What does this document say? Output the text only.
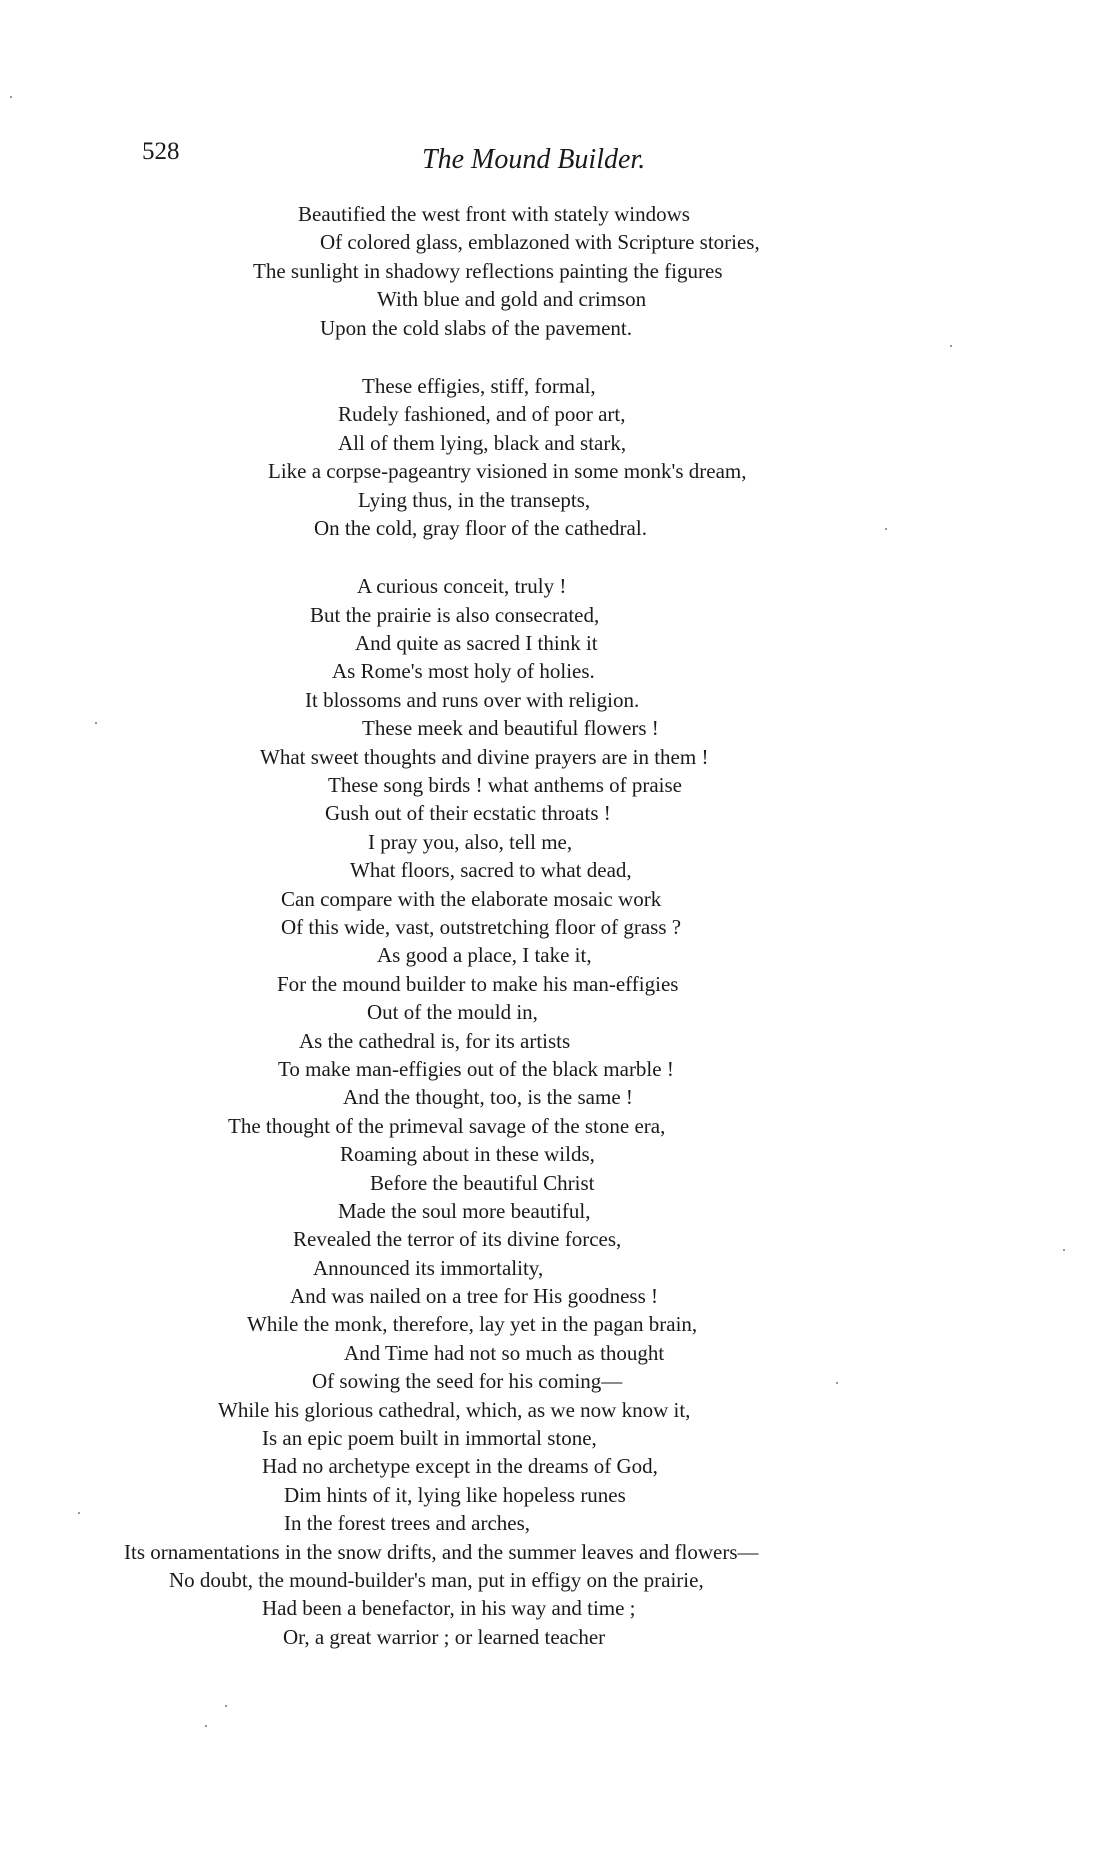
528	The Mound Builder.
Beautified the west front with stately windows
Of colored glass, emblazoned with Scripture stories,
The sunlight in shadowy reflections painting the figures
With blue and gold and crimson
Upon the cold slabs of the pavement.
These effigies, stiff, formal,
Rudely fashioned, and of poor art,
All of them lying, black and stark,
Like a corpse-pageantry visioned in some monk's dream,
Lying thus, in the transepts,
On the cold, gray floor of the cathedral.
A curious conceit, truly !
But the prairie is also consecrated,
And quite as sacred I think it
As Rome's most holy of holies.
It blossoms and runs over with religion.
These meek and beautiful flowers !
What sweet thoughts and divine prayers are in them !
These song birds ! what anthems of praise
Gush out of their ecstatic throats !
I pray you, also, tell me,
What floors, sacred to what dead,
Can compare with the elaborate mosaic work
Of this wide, vast, outstretching floor of grass ?
As good a place, I take it,
For the mound builder to make his man-effigies
Out of the mould in,
As the cathedral is, for its artists
To make man-effigies out of the black marble !
And the thought, too, is the same !
The thought of the primeval savage of the stone era,
Roaming about in these wilds,
Before the beautiful Christ
Made the soul more beautiful,
Revealed the terror of its divine forces,
Announced its immortality,
And was nailed on a tree for His goodness !
While the monk, therefore, lay yet in the pagan brain,
And Time had not so much as thought
Of sowing the seed for his coming—
While his glorious cathedral, which, as we now know it,
Is an epic poem built in immortal stone,
Had no archetype except in the dreams of God,
Dim hints of it, lying like hopeless runes
In the forest trees and arches,
Its ornamentations in the snow drifts, and the summer leaves and flowers—
No doubt, the mound-builder's man, put in effigy on the prairie,
Had been a benefactor, in his way and time ;
Or, a great warrior ; or learned teacher
